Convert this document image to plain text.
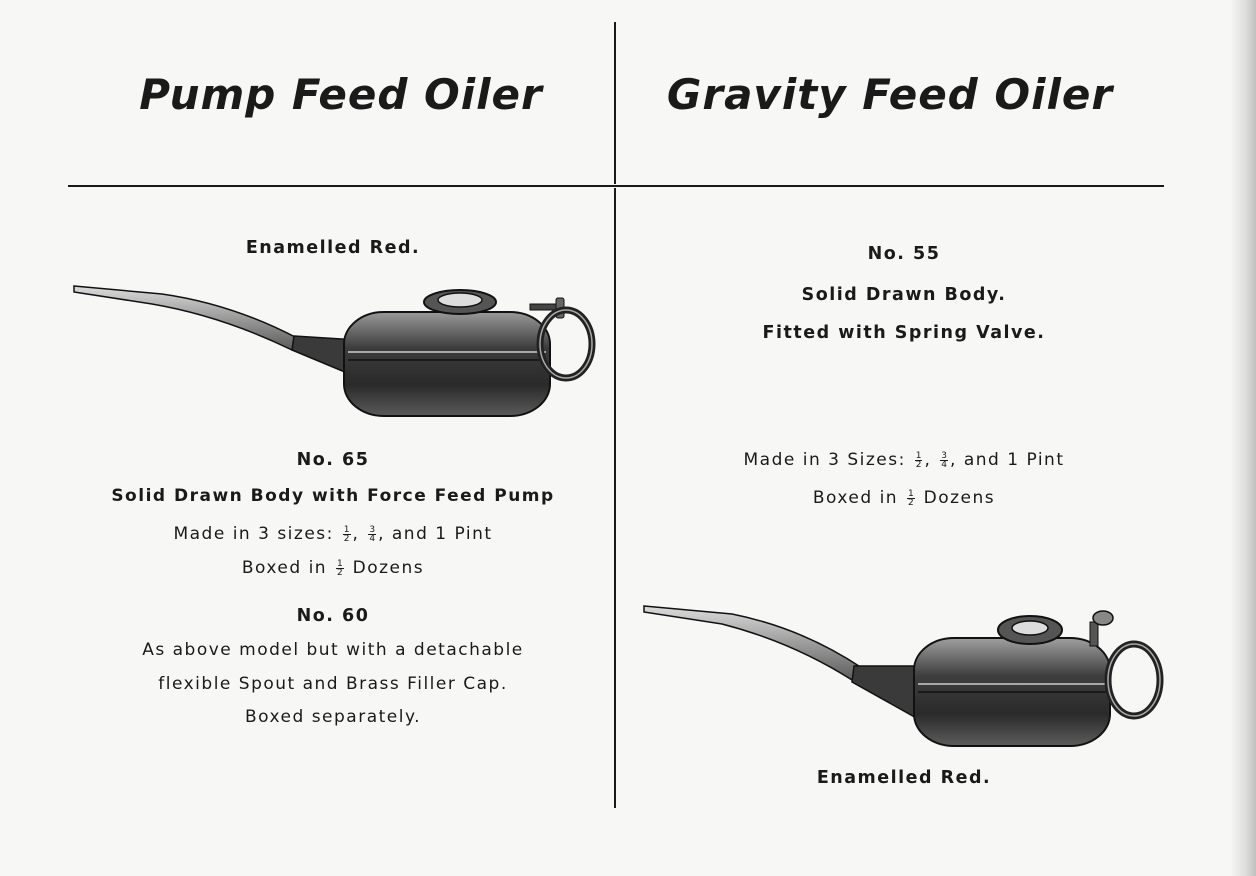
Pump Feed Oiler	Gravity Feed Oiler
Enamelled Red.
No. 65
Solid Drawn Body with Force Feed Pump
Made in 3 sizes: $\frac{1}{2}$ , $\frac{3}{4}$ , and 1 Pint
Boxed in $\frac{1}{2}$ Dozens
No. 60
As above model but with a detachable
flexible Spout and Brass Filler Cap.
Boxed separately.
No. 55
Solid Drawn Body.
Fitted with Spring Valve.
Made in 3 Sizes: $\frac{1}{2}$ , $\frac{3}{4}$ , and 1 Pint
Boxed in $\frac{1}{2}$ Dozens
Enamelled Red.
